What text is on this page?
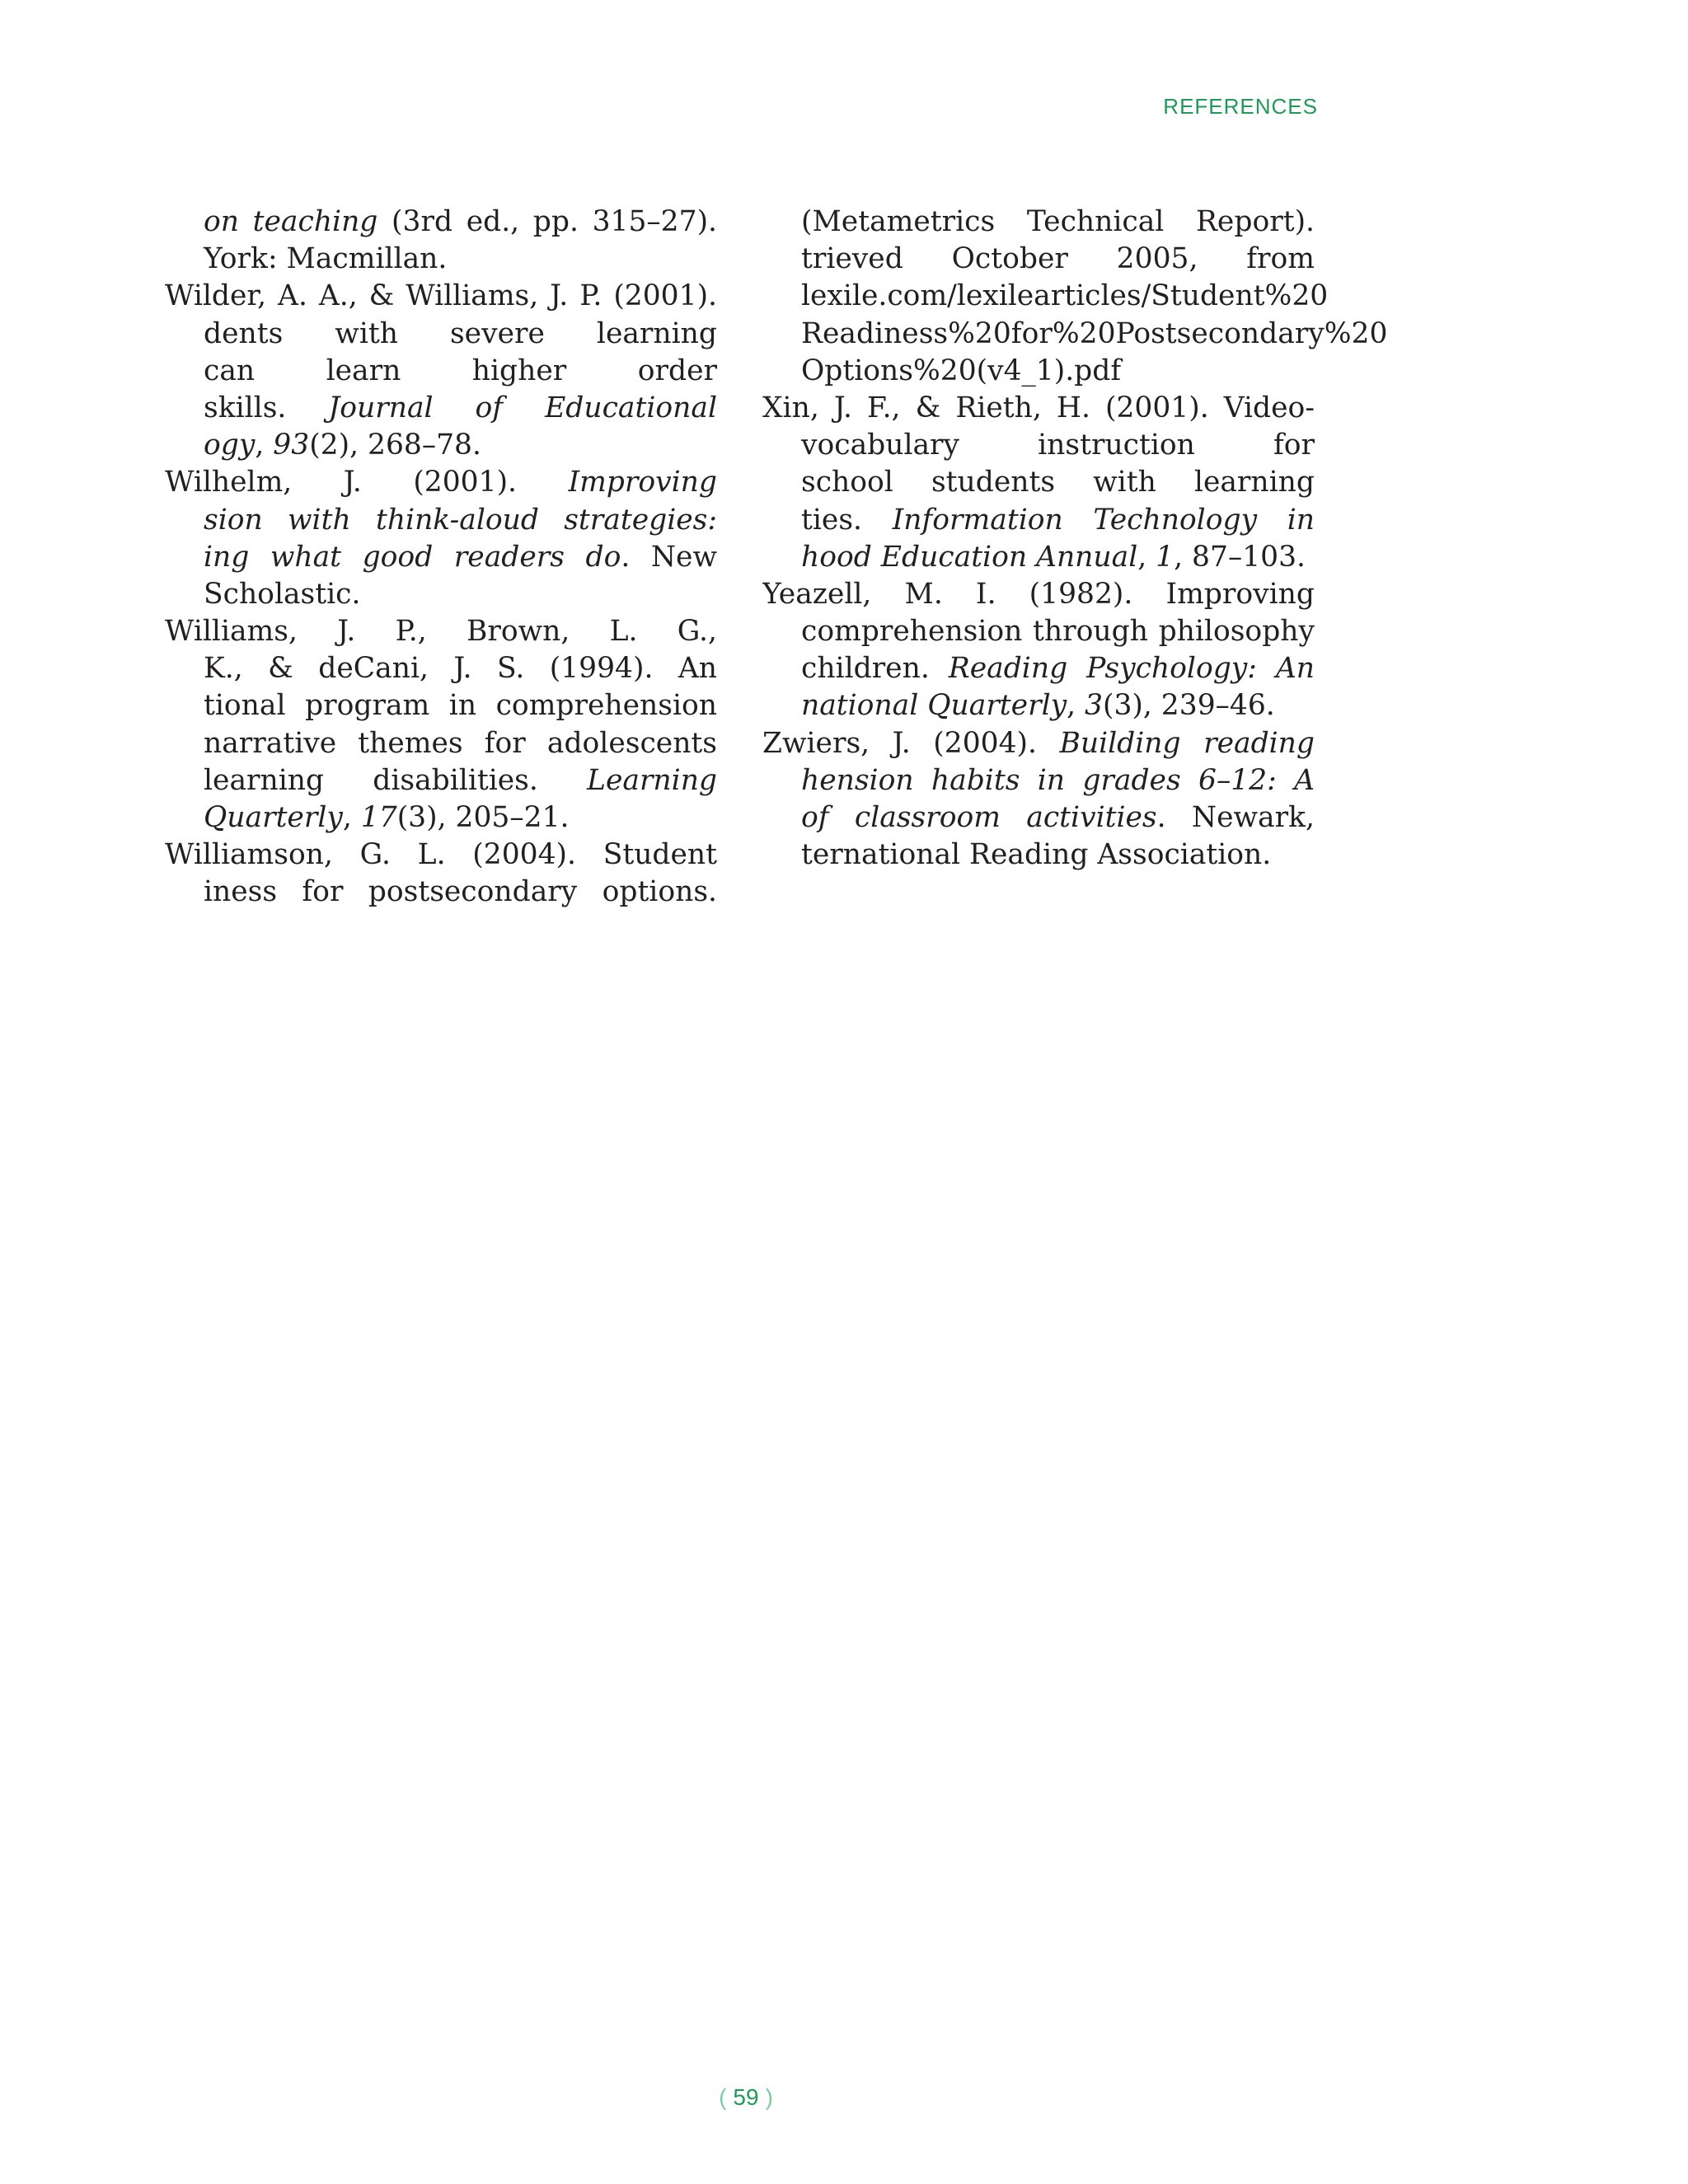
REFERENCES
on teaching (3rd ed., pp. 315–27).
York: Macmillan.
Wilder, A. A., & Williams, J. P. (2001).
dents with severe learning
can learn higher order
skills. Journal of Educational
ogy, 93(2), 268–78.
Wilhelm, J. (2001). Improving
sion with think-aloud strategies:
ing what good readers do. New
Scholastic.
Williams, J. P., Brown, L. G.,
K., & deCani, J. S. (1994). An
tional program in comprehension
narrative themes for adolescents
learning disabilities. Learning
Quarterly, 17(3), 205–21.
Williamson, G. L. (2004). Student
iness for postsecondary options.
(Metametrics Technical Report).
trieved October 2005, from
lexile.com/lexilearticles/Student%20
Readiness%20for%20Postsecondary%20
Options%20(v4_1).pdf
Xin, J. F., & Rieth, H. (2001). Video-
vocabulary instruction for
school students with learning
ties. Information Technology in
hood Education Annual, 1, 87–103.
Yeazell, M. I. (1982). Improving
comprehension through philosophy
children. Reading Psychology: An
national Quarterly, 3(3), 239–46.
Zwiers, J. (2004). Building reading
hension habits in grades 6–12: A
of classroom activities. Newark,
ternational Reading Association.
( 59 )
